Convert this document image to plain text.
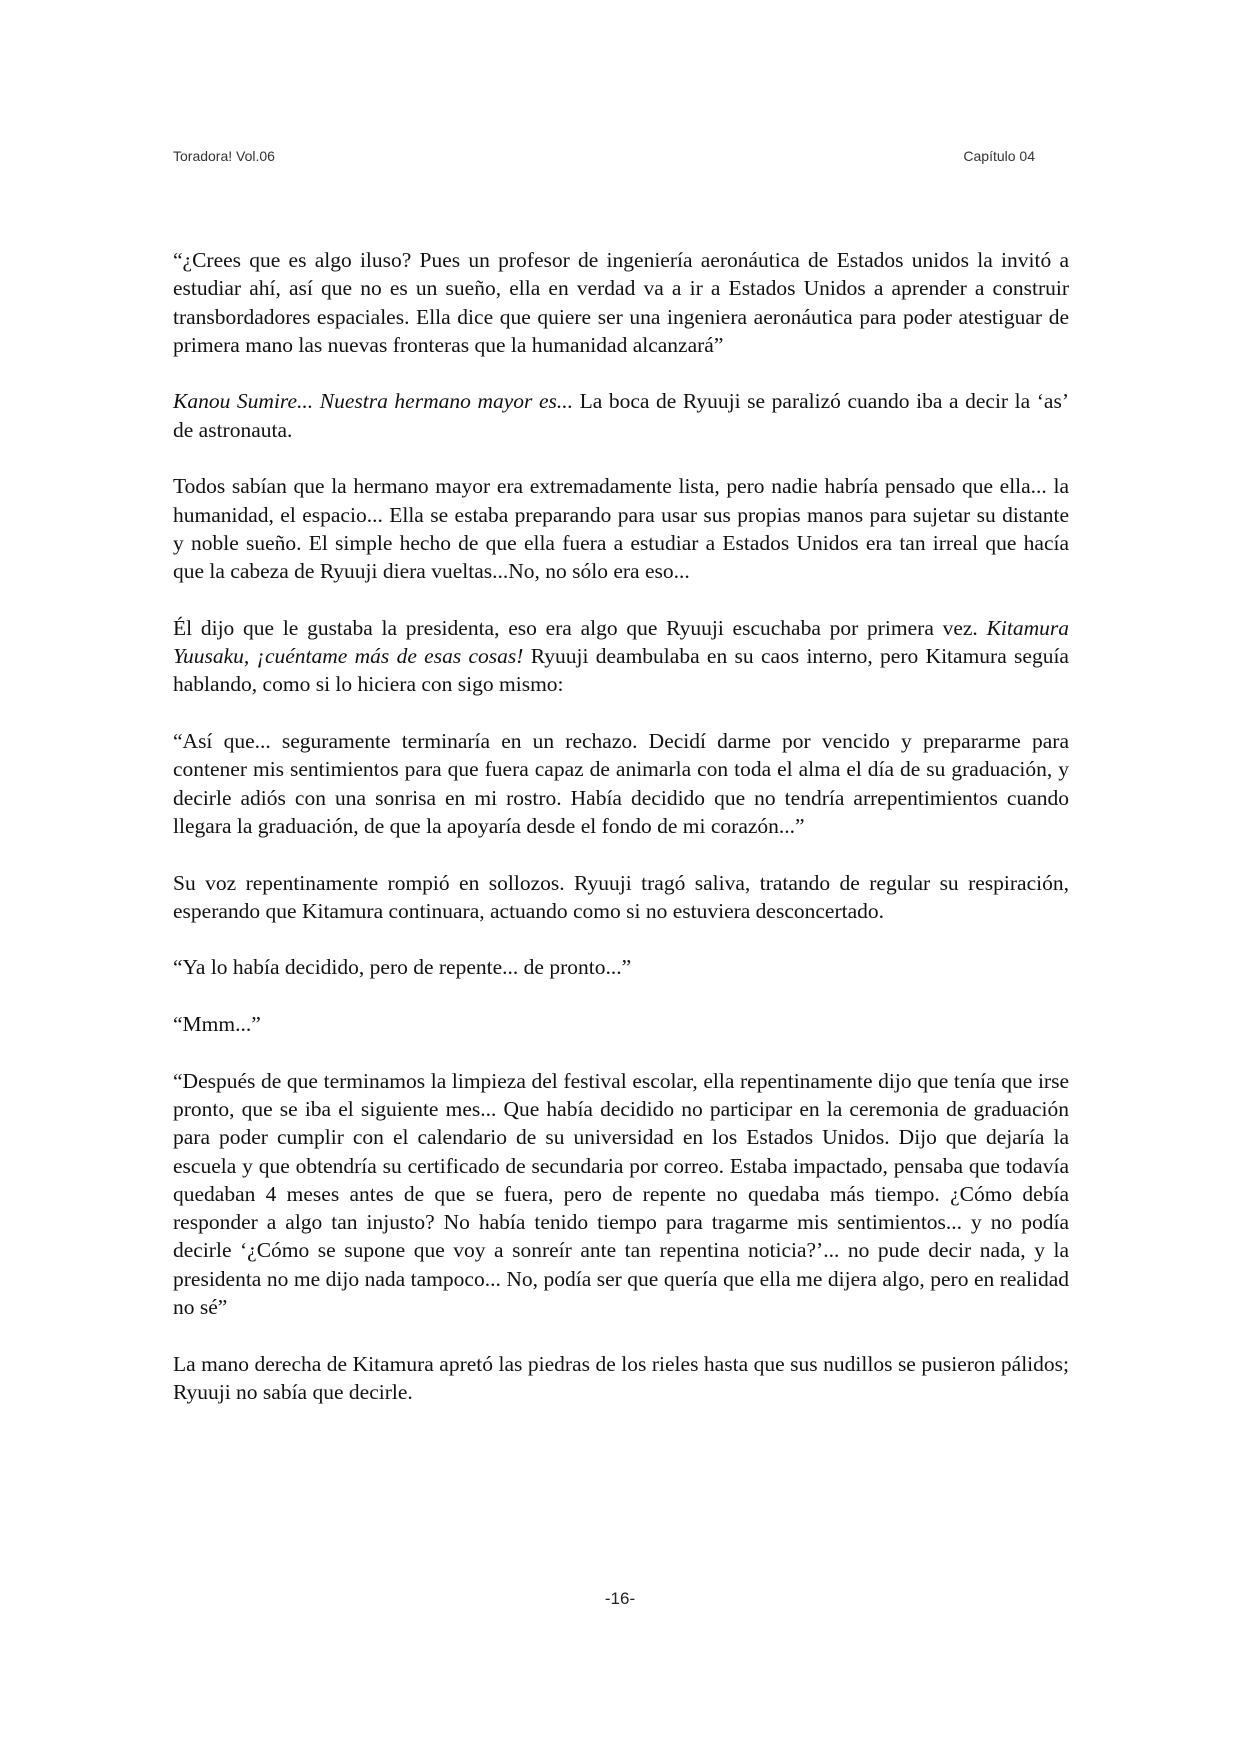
Toradora! Vol.06	Capítulo 04

“¿Crees que es algo iluso? Pues un profesor de ingeniería aeronáutica de Estados unidos la invitó a estudiar ahí, así que no es un sueño, ella en verdad va a ir a Estados Unidos a aprender a construir transbordadores espaciales. Ella dice que quiere ser una ingeniera aeronáutica para poder atestiguar de primera mano las nuevas fronteras que la humanidad alcanzará”

Kanou Sumire... Nuestra hermano mayor es... La boca de Ryuuji se paralizó cuando iba a decir la ‘as’ de astronauta.

Todos sabían que la hermano mayor era extremadamente lista, pero nadie habría pensado que ella... la humanidad, el espacio... Ella se estaba preparando para usar sus propias manos para sujetar su distante y noble sueño. El simple hecho de que ella fuera a estudiar a Estados Unidos era tan irreal que hacía que la cabeza de Ryuuji diera vueltas...No, no sólo era eso...

Él dijo que le gustaba la presidenta, eso era algo que Ryuuji escuchaba por primera vez. Kitamura Yuusaku, ¡cuéntame más de esas cosas! Ryuuji deambulaba en su caos interno, pero Kitamura seguía hablando, como si lo hiciera con sigo mismo:

“Así que... seguramente terminaría en un rechazo. Decidí darme por vencido y prepararme para contener mis sentimientos para que fuera capaz de animarla con toda el alma el día de su graduación, y decirle adiós con una sonrisa en mi rostro. Había decidido que no tendría arrepentimientos cuando llegara la graduación, de que la apoyaría desde el fondo de mi corazón...”

Su voz repentinamente rompió en sollozos. Ryuuji tragó saliva, tratando de regular su respiración, esperando que Kitamura continuara, actuando como si no estuviera desconcertado.

“Ya lo había decidido, pero de repente... de pronto...”

“Mmm...”

“Después de que terminamos la limpieza del festival escolar, ella repentinamente dijo que tenía que irse pronto, que se iba el siguiente mes... Que había decidido no participar en la ceremonia de graduación para poder cumplir con el calendario de su universidad en los Estados Unidos. Dijo que dejaría la escuela y que obtendría su certificado de secundaria por correo. Estaba impactado, pensaba que todavía quedaban 4 meses antes de que se fuera, pero de repente no quedaba más tiempo. ¿Cómo debía responder a algo tan injusto? No había tenido tiempo para tragarme mis sentimientos... y no podía decirle ‘¿Cómo se supone que voy a sonreír ante tan repentina noticia?’... no pude decir nada, y la presidenta no me dijo nada tampoco... No, podía ser que quería que ella me dijera algo, pero en realidad no sé”

La mano derecha de Kitamura apretó las piedras de los rieles hasta que sus nudillos se pusieron pálidos; Ryuuji no sabía que decirle.

-16-
